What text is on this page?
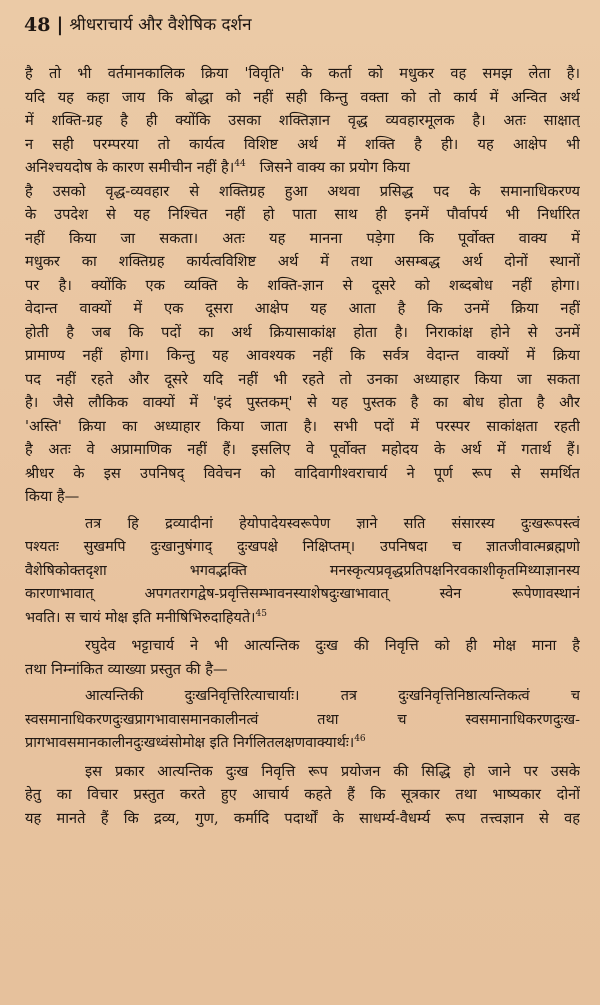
48 | श्रीधराचार्य और वैशेषिक दर्शन

है तो भी वर्तमानकालिक क्रिया 'विवृति' के कर्ता को मधुकर वह समझ लेता है।
यदि यह कहा जाय कि बोद्धा को नहीं सही किन्तु वक्ता को तो कार्य में अन्वित अर्थ
में शक्ति-ग्रह है ही क्योंकि उसका शक्तिज्ञान वृद्ध व्यवहारमूलक है। अतः साक्षात्
न सही परम्परया तो कार्यत्व विशिष्ट अर्थ में शक्ति है ही। यह आक्षेप भी
अनिश्चयदोष के कारण समीचीन नहीं है।$^{44}$ जिसने वाक्य का प्रयोग किया
है उसको वृद्ध-व्यवहार से शक्तिग्रह हुआ अथवा प्रसिद्ध पद के समानाधिकरण्य
के उपदेश से यह निश्चित नहीं हो पाता साथ ही इनमें पौर्वापर्य भी निर्धारित
नहीं किया जा सकता। अतः यह मानना पड़ेगा कि पूर्वोक्त वाक्य में
मधुकर का शक्तिग्रह कार्यत्वविशिष्ट अर्थ में तथा असम्बद्ध अर्थ दोनों स्थानों
पर है। क्योंकि एक व्यक्ति के शक्ति-ज्ञान से दूसरे को शब्दबोध नहीं होगा।
वेदान्त वाक्यों में एक दूसरा आक्षेप यह आता है कि उनमें क्रिया नहीं
होती है जब कि पदों का अर्थ क्रियासाकांक्ष होता है। निराकांक्ष होने से उनमें
प्रामाण्य नहीं होगा। किन्तु यह आवश्यक नहीं कि सर्वत्र वेदान्त वाक्यों में क्रिया
पद नहीं रहते और दूसरे यदि नहीं भी रहते तो उनका अध्याहार किया जा सकता
है। जैसे लौकिक वाक्यों में 'इदं पुस्तकम्' से यह पुस्तक है का बोध होता है और
'अस्ति' क्रिया का अध्याहार किया जाता है। सभी पदों में परस्पर साकांक्षता रहती
है अतः वे अप्रामाणिक नहीं हैं। इसलिए वे पूर्वोक्त महोदय के अर्थ में गतार्थ हैं।
श्रीधर के इस उपनिषद् विवेचन को वादिवागीश्वराचार्य ने पूर्ण रूप से समर्थित
किया है—

तत्र हि द्रव्यादीनां हेयोपादेयस्वरूपेण ज्ञाने सति संसारस्य दुःखरूपस्त्वं
पश्यतः सुखमपि दुःखानुषंगाद् दुःखपक्षे निक्षिप्तम्। उपनिषदा च ज्ञातजीवात्मब्रह्मणो
वैशेषिकोक्तदृशा भगवद्भक्ति मनस्कृत्यप्रवृद्धप्रतिपक्षनिरवकाशीकृतमिथ्याज्ञानस्य
कारणाभावात् अपगतरागद्वेष-प्रवृत्तिसम्भावनस्याशेषदुःखाभावात् स्वेन रूपेणावस्थानं
भवति। स चायं मोक्ष इति मनीषिभिरुदाहियते।$^{45}$

रघुदेव भट्टाचार्य ने भी आत्यन्तिक दुःख की निवृत्ति को ही मोक्ष माना है
तथा निम्नांकित व्याख्या प्रस्तुत की है—

आत्यन्तिकी दुःखनिवृत्तिरित्याचार्याः। तत्र दुःखनिवृत्तिनिष्ठात्यन्तिकत्वं च
स्वसमानाधिकरणदुःखप्रागभावासमानकालीनत्वं तथा च स्वसमानाधिकरणदुःख-
प्रागभावसमानकालीनदुःखध्वंसोमोक्ष इति निर्गलितलक्षणवाक्यार्थः।$^{46}$

इस प्रकार आत्यन्तिक दुःख निवृत्ति रूप प्रयोजन की सिद्धि हो जाने पर उसके
हेतु का विचार प्रस्तुत करते हुए आचार्य कहते हैं कि सूत्रकार तथा भाष्यकार दोनों
यह मानते हैं कि द्रव्य, गुण, कर्मादि पदार्थों के साधर्म्य-वैधर्म्य रूप तत्त्वज्ञान से वह
